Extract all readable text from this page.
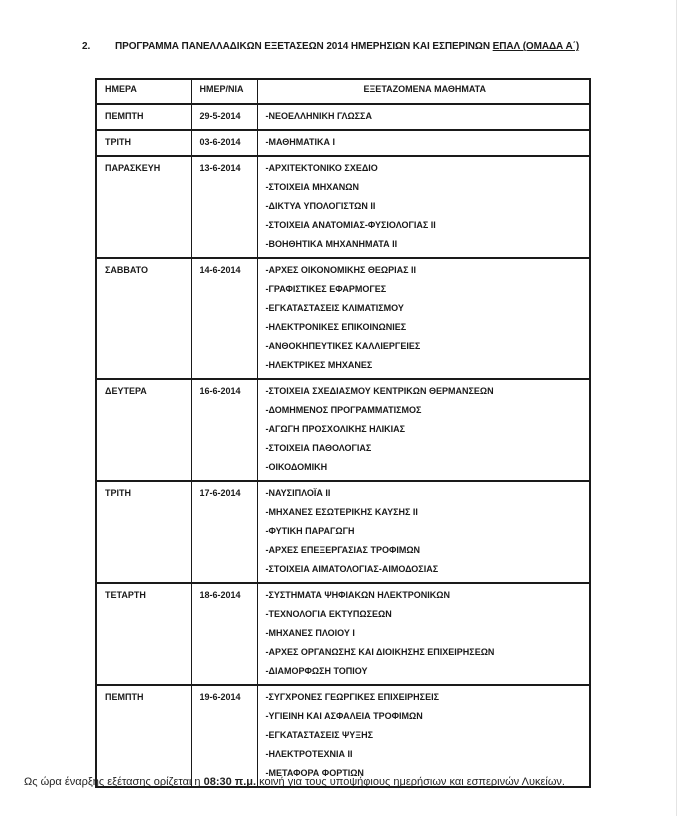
2. ΠΡΟΓΡΑΜΜΑ ΠΑΝΕΛΛΑΔΙΚΩΝ ΕΞΕΤΑΣΕΩΝ 2014 ΗΜΕΡΗΣΙΩΝ ΚΑΙ ΕΣΠΕΡΙΝΩΝ ΕΠΑΛ (ΟΜΑΔΑ Α΄)
ΗΜΕΡΑ	ΗΜΕΡ/ΝΙΑ	ΕΞΕΤΑΖΟΜΕΝΑ ΜΑΘΗΜΑΤΑ
ΠΕΜΠΤΗ	29-5-2014	-ΝΕΟΕΛΛΗΝΙΚΗ ΓΛΩΣΣΑ

ΤΡΙΤΗ	03-6-2014	-ΜΑΘΗΜΑΤΙΚΑ Ι

ΠΑΡΑΣΚΕΥΗ	13-6-2014	-ΑΡΧΙΤΕΚΤΟΝΙΚΟ ΣΧΕΔΙΟ
-ΣΤΟΙΧΕΙΑ ΜΗΧΑΝΩΝ
-ΔΙΚΤΥΑ ΥΠΟΛΟΓΙΣΤΩΝ ΙΙ
-ΣΤΟΙΧΕΙΑ ΑΝΑΤΟΜΙΑΣ-ΦΥΣΙΟΛΟΓΙΑΣ ΙΙ
-ΒΟΗΘΗΤΙΚΑ ΜΗΧΑΝΗΜΑΤΑ ΙΙ

ΣΑΒΒΑΤΟ	14-6-2014	-ΑΡΧΕΣ ΟΙΚΟΝΟΜΙΚΗΣ ΘΕΩΡΙΑΣ ΙΙ
-ΓΡΑΦΙΣΤΙΚΕΣ ΕΦΑΡΜΟΓΕΣ
-ΕΓΚΑΤΑΣΤΑΣΕΙΣ ΚΛΙΜΑΤΙΣΜΟΥ
-ΗΛΕΚΤΡΟΝΙΚΕΣ ΕΠΙΚΟΙΝΩΝΙΕΣ
-ΑΝΘΟΚΗΠΕΥΤΙΚΕΣ ΚΑΛΛΙΕΡΓΕΙΕΣ
-ΗΛΕΚΤΡΙΚΕΣ ΜΗΧΑΝΕΣ

ΔΕΥΤΕΡΑ	16-6-2014	-ΣΤΟΙΧΕΙΑ ΣΧΕΔΙΑΣΜΟΥ ΚΕΝΤΡΙΚΩΝ ΘΕΡΜΑΝΣΕΩΝ
-ΔΟΜΗΜΕΝΟΣ ΠΡΟΓΡΑΜΜΑΤΙΣΜΟΣ
-ΑΓΩΓΗ ΠΡΟΣΧΟΛΙΚΗΣ ΗΛΙΚΙΑΣ
-ΣΤΟΙΧΕΙΑ ΠΑΘΟΛΟΓΙΑΣ
-ΟΙΚΟΔΟΜΙΚΗ

ΤΡΙΤΗ	17-6-2014	-ΝΑΥΣΙΠΛΟΪΑ ΙΙ
-ΜΗΧΑΝΕΣ ΕΣΩΤΕΡΙΚΗΣ ΚΑΥΣΗΣ ΙΙ
-ΦΥΤΙΚΗ ΠΑΡΑΓΩΓΗ
-ΑΡΧΕΣ ΕΠΕΞΕΡΓΑΣΙΑΣ ΤΡΟΦΙΜΩΝ
-ΣΤΟΙΧΕΙΑ ΑΙΜΑΤΟΛΟΓΙΑΣ-ΑΙΜΟΔΟΣΙΑΣ

ΤΕΤΑΡΤΗ	18-6-2014	-ΣΥΣΤΗΜΑΤΑ ΨΗΦΙΑΚΩΝ ΗΛΕΚΤΡΟΝΙΚΩΝ
-ΤΕΧΝΟΛΟΓΙΑ ΕΚΤΥΠΩΣΕΩΝ
-ΜΗΧΑΝΕΣ ΠΛΟΙΟΥ Ι
-ΑΡΧΕΣ ΟΡΓΑΝΩΣΗΣ ΚΑΙ ΔΙΟΙΚΗΣΗΣ ΕΠΙΧΕΙΡΗΣΕΩΝ
-ΔΙΑΜΟΡΦΩΣΗ ΤΟΠΙΟΥ

ΠΕΜΠΤΗ	19-6-2014	-ΣΥΓΧΡΟΝΕΣ ΓΕΩΡΓΙΚΕΣ ΕΠΙΧΕΙΡΗΣΕΙΣ
-ΥΓΙΕΙΝΗ ΚΑΙ ΑΣΦΑΛΕΙΑ ΤΡΟΦΙΜΩΝ
-ΕΓΚΑΤΑΣΤΑΣΕΙΣ ΨΥΞΗΣ
-ΗΛΕΚΤΡΟΤΕΧΝΙΑ ΙΙ
-ΜΕΤΑΦΟΡΑ ΦΟΡΤΙΩΝ

Ως ώρα έναρξης εξέτασης ορίζεται η 08:30 π.μ. κοινή για τους υποψήφιους ημερήσιων και εσπερινών Λυκείων.
